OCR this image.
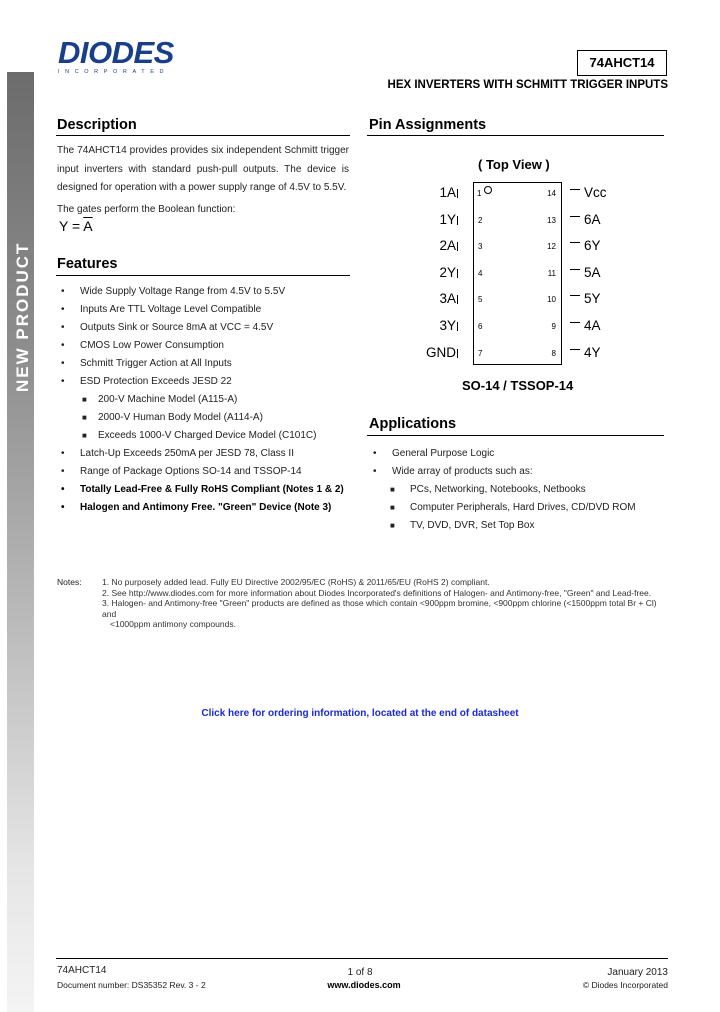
NEW PRODUCT
DIODES
INCORPORATED
74AHCT14
HEX INVERTERS WITH SCHMITT TRIGGER INPUTS
Description
The 74AHCT14 provides provides six independent Schmitt trigger input inverters with standard push-pull outputs. The device is designed for operation with a power supply range of 4.5V to 5.5V.
The gates perform the Boolean function:
$Y = \overline{A}$
Features
• Wide Supply Voltage Range from 4.5V to 5.5V
• Inputs Are TTL Voltage Level Compatible
• Outputs Sink or Source 8mA at VCC = 4.5V
• CMOS Low Power Consumption
• Schmitt Trigger Action at All Inputs
• ESD Protection Exceeds JESD 22
■ 200-V Machine Model (A115-A)
■ 2000-V Human Body Model (A114-A)
■ Exceeds 1000-V Charged Device Model (C101C)
• Latch-Up Exceeds 250mA per JESD 78, Class II
• Range of Package Options SO-14 and TSSOP-14
• Totally Lead-Free & Fully RoHS Compliant (Notes 1 & 2)
• Halogen and Antimony Free. "Green" Device (Note 3)
Pin Assignments
( Top View )
1A	1
1Y	2
2A	3
2Y	4
3A	5
3Y	6
GND	7
14 Vcc
13 6A
12 6Y
11 5A
10 5Y
9 4A
8 4Y
SO-14 / TSSOP-14
Applications
• General Purpose Logic
• Wide array of products such as:
■ PCs, Networking, Notebooks, Netbooks
■ Computer Peripherals, Hard Drives, CD/DVD ROM
■ TV, DVD, DVR, Set Top Box
Notes: 1. No purposely added lead. Fully EU Directive 2002/95/EC (RoHS) & 2011/65/EU (RoHS 2) compliant.
2. See http://www.diodes.com for more information about Diodes Incorporated's definitions of Halogen- and Antimony-free, "Green" and Lead-free.
3. Halogen- and Antimony-free "Green" products are defined as those which contain <900ppm bromine, <900ppm chlorine (<1500ppm total Br + Cl) and
<1000ppm antimony compounds.
Click here for ordering information, located at the end of datasheet
74AHCT14
Document number: DS35352 Rev. 3 - 2
1 of 8
www.diodes.com
January 2013
© Diodes Incorporated
